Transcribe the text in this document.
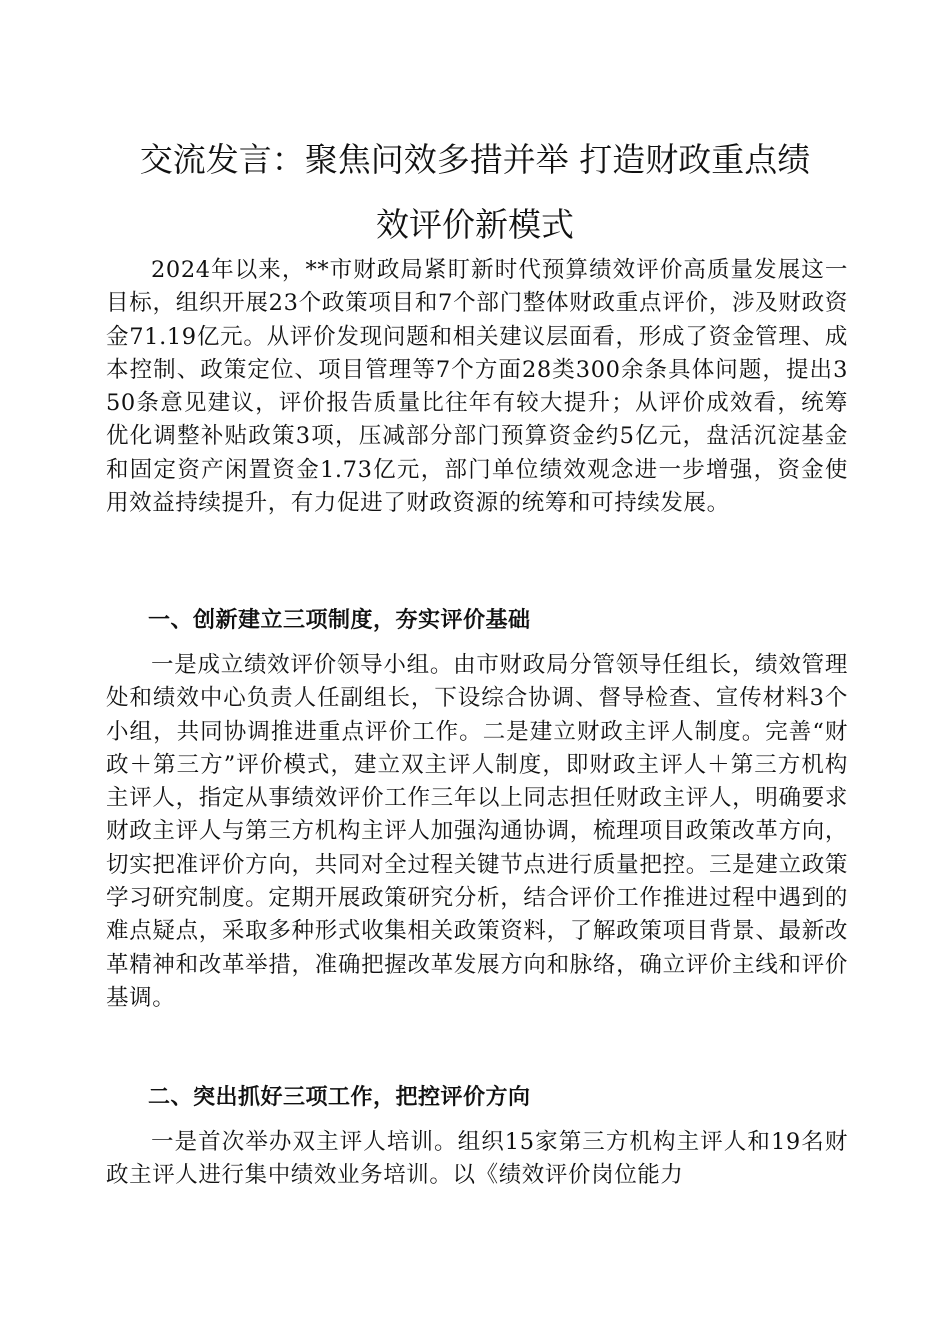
交流发言：聚焦问效多措并举 打造财政重点绩
效评价新模式

2024年以来，**市财政局紧盯新时代预算绩效评价高质量发展这一目标，组织开展23个政策项目和7个部门整体财政重点评价，涉及财政资金71.19亿元。从评价发现问题和相关建议层面看，形成了资金管理、成本控制、政策定位、项目管理等7个方面28类300余条具体问题，提出350条意见建议，评价报告质量比往年有较大提升；从评价成效看，统筹优化调整补贴政策3项，压减部分部门预算资金约5亿元，盘活沉淀基金和固定资产闲置资金1.73亿元，部门单位绩效观念进一步增强，资金使用效益持续提升，有力促进了财政资源的统筹和可持续发展。

一、创新建立三项制度，夯实评价基础

一是成立绩效评价领导小组。由市财政局分管领导任组长，绩效管理处和绩效中心负责人任副组长，下设综合协调、督导检查、宣传材料3个小组，共同协调推进重点评价工作。二是建立财政主评人制度。完善“财政＋第三方”评价模式，建立双主评人制度，即财政主评人＋第三方机构主评人，指定从事绩效评价工作三年以上同志担任财政主评人，明确要求财政主评人与第三方机构主评人加强沟通协调，梳理项目政策改革方向，切实把准评价方向，共同对全过程关键节点进行质量把控。三是建立政策学习研究制度。定期开展政策研究分析，结合评价工作推进过程中遇到的难点疑点，采取多种形式收集相关政策资料，了解政策项目背景、最新改革精神和改革举措，准确把握改革发展方向和脉络，确立评价主线和评价基调。

二、突出抓好三项工作，把控评价方向

一是首次举办双主评人培训。组织15家第三方机构主评人和19名财政主评人进行集中绩效业务培训。以《绩效评价岗位能力
